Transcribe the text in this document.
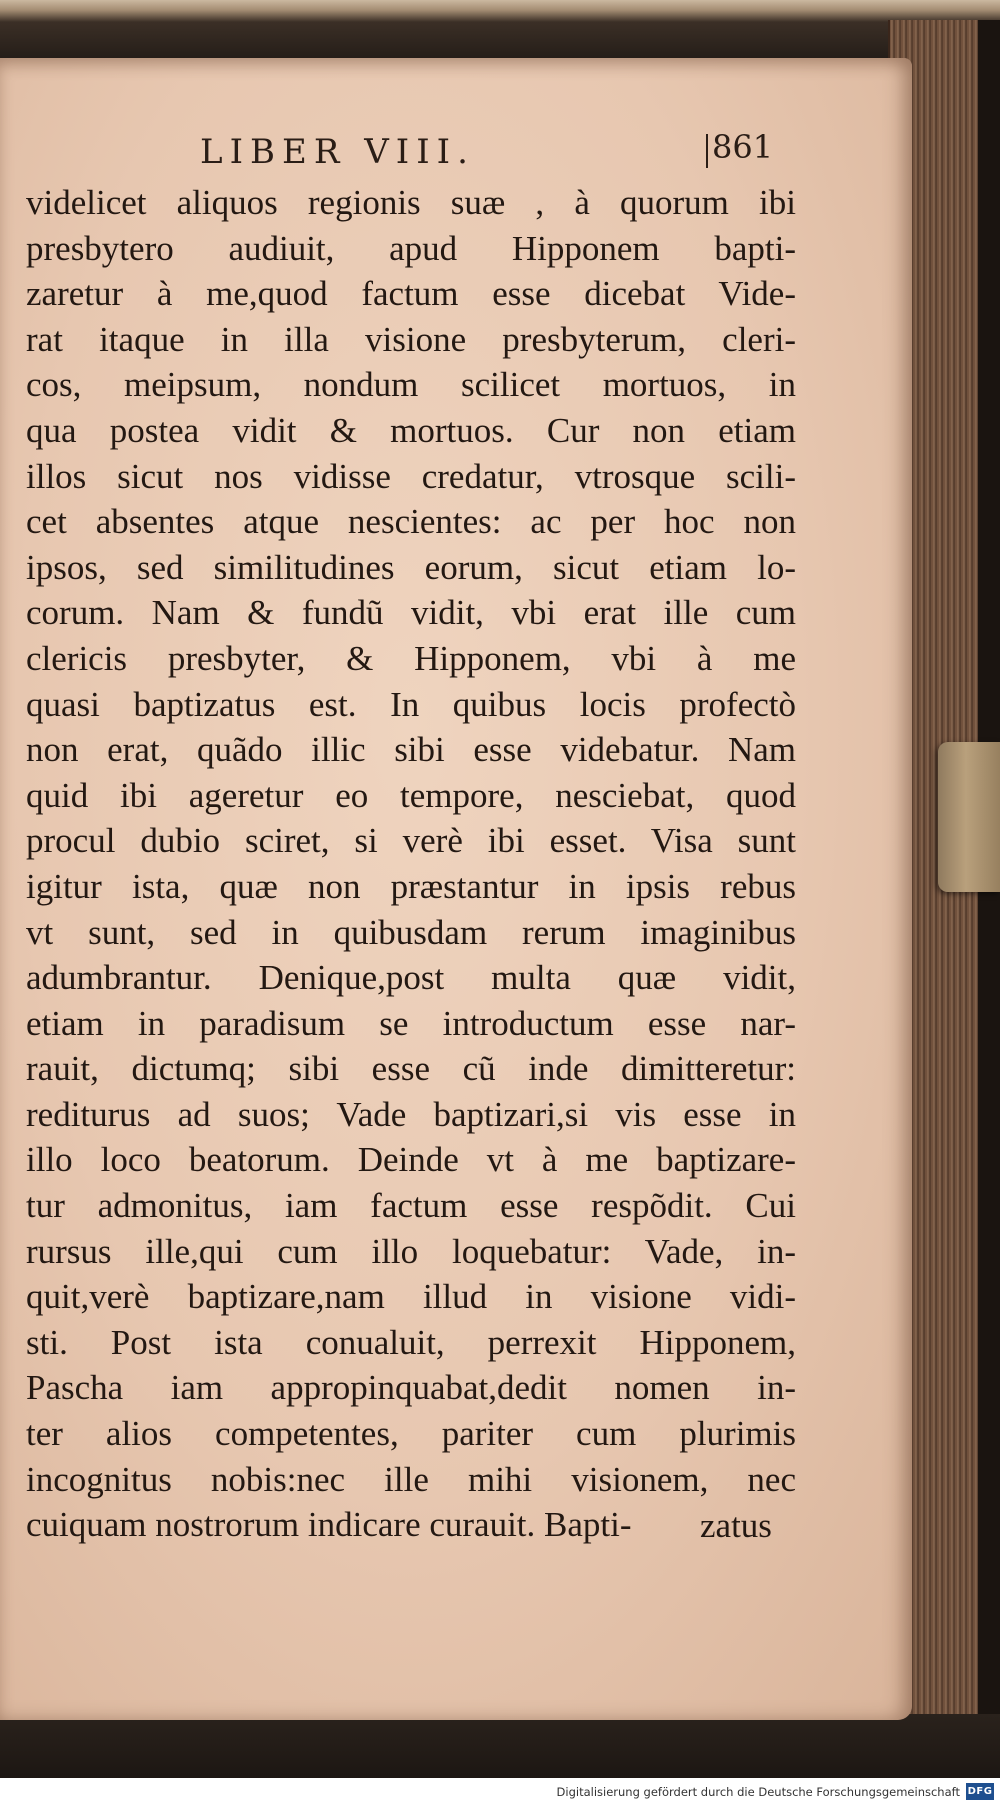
LIBER VIII.	861
videlicet aliquos regionis suæ , à quorum ibi
presbytero audiuit, apud Hipponem bapti-
zaretur à me,quod factum esse dicebat Vide-
rat itaque in illa visione presbyterum, cleri-
cos, meipsum, nondum scilicet mortuos, in
qua postea vidit & mortuos. Cur non etiam
illos sicut nos vidisse credatur, vtrosque scili-
cet absentes atque nescientes: ac per hoc non
ipsos, sed similitudines eorum, sicut etiam lo-
corum. Nam & fundũ vidit, vbi erat ille cum
clericis presbyter, & Hipponem, vbi à me
quasi baptizatus est. In quibus locis profectò
non erat, quãdo illic sibi esse videbatur. Nam
quid ibi ageretur eo tempore, nesciebat, quod
procul dubio sciret, si verè ibi esset. Visa sunt
igitur ista, quæ non præstantur in ipsis rebus
vt sunt, sed in quibusdam rerum imaginibus
adumbrantur. Denique,post multa quæ vidit,
etiam in paradisum se introductum esse nar-
rauit, dictumq; sibi esse cũ inde dimitteretur:
rediturus ad suos; Vade baptizari,si vis esse in
illo loco beatorum. Deinde vt à me baptizare-
tur admonitus, iam factum esse respõdit. Cui
rursus ille,qui cum illo loquebatur: Vade, in-
quit,verè baptizare,nam illud in visione vidi-
sti. Post ista conualuit, perrexit Hipponem,
Pascha iam appropinquabat,dedit nomen in-
ter alios competentes, pariter cum plurimis
incognitus nobis:nec ille mihi visionem, nec
cuiquam nostrorum indicare curauit. Bapti-	zatus
Digitalisierung gefördert durch die Deutsche Forschungsgemeinschaft DFG
